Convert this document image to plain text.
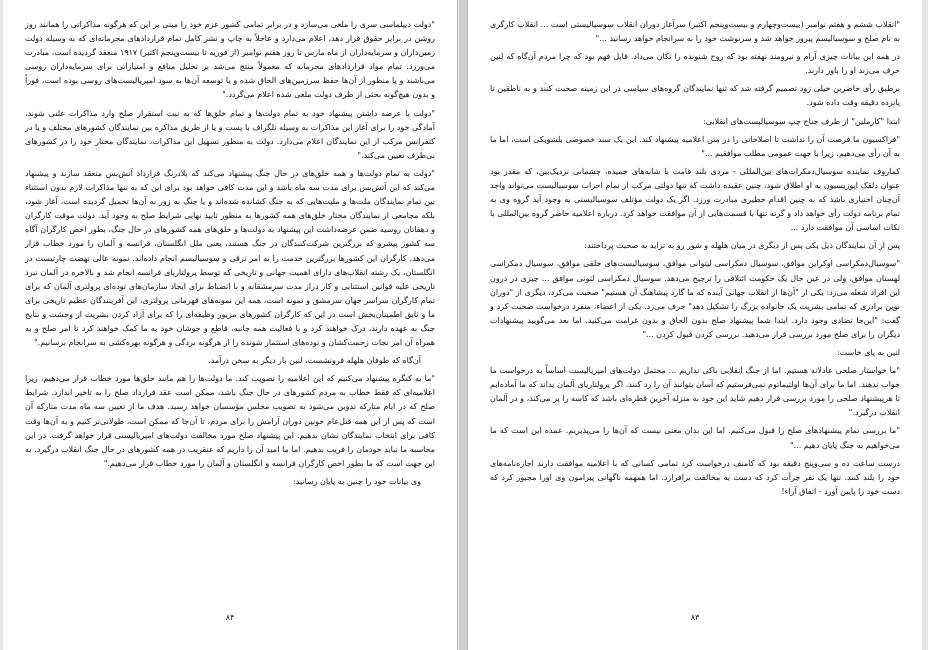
"دولت دیپلماسی سری را ملغی می‌سازد و در برابر تمامی کشور عزم خود را مبنی بر این که هرگونه مذاکراتی را همانند روز روشن در برابر حقوق قرار دهد، اعلام می‌دارد و عاجلاً به چاپ و نشر کامل تمام قراردادهای محرمانه‌ای که به وسیله دولت زمین‌داران و سرمایه‌داران از ماه مارس تا روز هفتم نوامبر (از فوریه تا بیست‌وپنجم اکتبر) ۱۹۱۷ منعقد گردیده است، مبادرت می‌ورزد. تمام مواد قراردادهای محرمانه که معمولاً منتج می‌شد بر تحلیل منافع و امتیازاتی برای سرمایه‌داران روسی می‌باشند و یا منظور از آن‌ها حفظ سرزمین‌های الحاق شده و یا توسعه آن‌ها به سود امپریالیست‌های روسی بوده است، فوراً و بدون هیچ‌گونه بحثی از طرف دولت ملغی شده اعلام می‌گردد."

"دولت با عرضه داشتن پیشنهاد خود به تمام دولت‌ها و تمام خلق‌ها که به نیت استقرار صلح وارد مذاکرات علنی شوند، آمادگی خود را برای آغاز این مذاکرات به وسیله تلگراف یا پست و یا از طریق مذاکره بین نمایندگان کشورهای مختلف و یا در کنفرانس مرکب از این نمایندگان اعلام می‌دارد. دولت به منظور تسهیل این مذاکرات، نمایندگان مختار خود را در کشورهای بی‌طرف تعیین می‌کند."

"دولت به تمام دولت‌ها و همه خلق‌های در حال جنگ پیشنهاد می‌کند که بلادرنگ قرارداد آتش‌بس منعقد سازند و پیشنهاد می‌کند که این آتش‌بس برای مدت سه ماه باشد و این مدت کافی خواهد بود برای این که به تنها مذاکرات لازم بدون استثناء بین تمام نمایندگان ملت‌ها و ملیت‌هایی که به جنگ کشانده شده‌اند و یا جنگ به زور به آن‌ها تحمیل گردیده است، آغاز شود، بلکه مجامعی از نمایندگان مختار خلق‌های همه کشورها به منظور تایید نهایی شرایط صلح به وجود آید. دولت موقت کارگران و دهقانان روسیه ضمن عرضه‌داشت این پیشنهاد به دولت‌ها و خلق‌های همه کشورهای در حال جنگ، بطور اخص کارگران آگاه سه کشور پیشرو که بزرگترین شرکت‌کنندگان در جنگ هستند، یعنی ملل انگلستان، فرانسه و آلمان را مورد خطاب قرار می‌دهد. کارگران این کشورها بزرگترین خدمت را به امر ترقی و سوسیالیسم انجام داده‌اند. نمونه عالی نهضت چارتیست در انگلستان، یک رشته انقلاب‌های دارای اهمیت جهانی و تاریخی که توسط پرولتاریای فرانسه انجام شد و بالاخره در آلمان نبرد تاریخی علیه قوانین استثنایی و کار دراز مدت سرمشقانه و با انضباط برای ایجاد سازمان‌های توده‌ای پرولتری آلمان که برای تمام کارگران سراسر جهان سرمشق و نمونه است، همه این نمونه‌های قهرمانی پرولتری، این آفرینندگان عظیم تاریخی برای ما و ثابق اطمینان‌بخش است در این که کارگران کشورهای مزبور وظیفه‌ای را که برای آزاد کردن بشریت از وحشت و نتایج جنگ به عهده دارند، درک خواهند کرد و با فعالیت همه جانبه، قاطع و جوشان خود به ما کمک خواهند کرد تا امر صلح و به همراه آن امر نجات زحمت‌کشان و توده‌های استثمار شونده را از هرگونه بردگی و هرگونه بهره‌کشی به سرانجام برسانیم."

آن‌گاه که طوفان هلهله فرونشست، لنین بار دیگر به سخن درآمد.

"ما به کنگره پیشنهاد می‌کنیم که این اعلامیه را تصویب کند. ما دولت‌ها را هم مانند خلق‌ها مورد خطاب قرار می‌دهیم، زیرا اعلامیه‌ای که فقط خطاب به مردم کشورهای در حال جنگ باشد، ممکن است عقد قرارداد صلح را به تاخیر اندازد. شرایط صلح که در ایام متارکه تدوین می‌شود به تصویب مجلس مؤسسان خواهد رسید. هدف ما از تعیین سه ماه مدت متارکه آن است که پس از این همه قتل‌عام خونین دوران آرامش را برای مردم، تا آن‌جا که ممکن است، طولانی‌تر کنیم و به آن‌ها وقت کافی برای انتخاب نمایندگان نشان بدهیم. این پیشنهاد صلح مورد مخالفت دولت‌های امپریالیستی قرار خواهد گرفت. در این محاسبه ما نباید خودمان را فریب بدهیم. اما ما امید آن را داریم که عنقریب در همه کشورهای در حال جنگ انقلاب درگیرد. به این جهت است که ما بطور اخص کارگران فرانسه و انگلستان و آلمان را مورد خطاب قرار می‌دهیم."

وی بیانات خود را چنین به پایان رسانید:

۸۴

"انقلاب ششم و هفتم نوامبر (بیست‌وچهارم و بیست‌وپنجم اکتبر) سرآغاز دوران انقلاب سوسیالیستی است ... انقلاب کارگری به نام صلح و سوسیالیسم پیروز خواهد شد و سرنوشت خود را به سرانجام خواهد رسانید ..."

در همه این بیانات چیزی آرام و نیرومند نهفته بود که روح شنونده را تکان می‌داد. قابل فهم بود که چرا مردم آن‌گاه که لنین حرف می‌زند او را باور دارند.

برطبق رأی حاضرین خیلی زود تصمیم گرفته شد که تنها نمایندگان گروه‌های سیاسی در این زمینه صحبت کنند و به ناطقین تا پانزده دقیقه وقت داده شود.

ابتدا "کارملین" از طرف جناح چپ سوسیالیست‌های انقلابی:

"فراکسیون ما فرصت آن را نداشت تا اصلاحاتی را در متن اعلامیه پیشنهاد کند. این یک سند خصوصی بلشویکی است، اما ما به آن رأی می‌دهیم، زیرا با جهت عمومی مطلب موافقیم ..."

کماروف نماینده سوسیال‌دمکرات‌های بین‌المللی - مردی بلند قامت با شانه‌های خمیده، چشمانی نزدیک‌بین، که مقدر بود عنوان دلقک اپوزیسیون به او اطلاق شود، چنین عقیده داشت که تنها دولتی مرکب از تمام احزاب سوسیالیست می‌تواند واجد آن‌چنان اختیاری باشد که به چنین اقدام خطیری مبادرت ورزد. اگر یک دولت مؤتلف سوسیالیستی به وجود آید گروه وی به تمام برنامه دولت رأی خواهد داد و گرنه تنها با قسمت‌هایی از آن موافقت خواهد کرد. درباره اعلامیه حاضر گروه بین‌المللی با نکات اساسی آن موافقت دارد ...

پس از آن نمایندگان ذیل یکی پس از دیگری در میان هلهله و شور رو به تزاید به صحبت پرداختند:

"سوسیال‌دمکراسی اوکراین موافق، سوسیال دمکراسی لیتوانی موافق، سوسیالیست‌های خلقی موافق، سوسیال دمکراسی لهستان موافق، ولی در عین حال یک حکومت ائتلافی را ترجیح می‌دهد. سوسیال دمکراسی لتونی موافق ... چیزی در درون این افراد شعله می‌زد: یکی از "آن‌ها از انقلاب جهانی آینده که ما گارد پیشاهنگ آن هستیم" صحبت می‌کرد، دیگری از "دوران نوین برادری که تمامی بشریت یک خانواده بزرگ را تشکیل دهد" حرف می‌زد. یکی از اعضاء، منفرد درخواست صحبت کرد و گفت: "این‌جا تضادی وجود دارد. ابتدا شما پیشنهاد صلح بدون الحاق و بدون غرامت می‌کنید. اما بعد می‌گویید پیشنهادات دیگران را برای صلح مورد بررسی قرار می‌دهید. بررسی کردن قبول کردن ..."

لنین به پای خاست:

"ما خواستار صلحی عادلانه هستیم. اما از جنگ انقلابی باکی نداریم ... محتمل دولت‌های امپریالیست اساساً به درخواست ما جواب ندهند. اما ما برای آن‌ها اولتیماتوم نمی‌فرستیم که آسان بتوانند آن را رد کنند. اگر پرولتاریای آلمان بداند که ما آماده‌ایم تا هرپیشنهاد صلحی را مورد بررسی قرار دهیم شاید این خود به منزله آخرین قطره‌ای باشد که کاسه را پر می‌کند، و در آلمان انقلاب درگیرد."

"ما بررسی تمام پیشنهادهای صلح را قبول می‌کنیم. اما این بدان معنی نیست که آن‌ها را می‌پذیریم. عمده این است که ما می‌خواهیم به جنگ پایان دهیم ..."

درست ساعت ده و سی‌وپنج دقیقه بود که کامنف درخواست کرد تمامی کسانی که با اعلامیه موافقت دارند اجازه‌نامه‌های خود را بلند کنند. تنها یک نفر جرأت کرد که دست به مخالفت برافرازد. اما همهمه ناگهانی پیرامون وی اورا مجبور کرد که دست خود را پایین آورد - اتفاق آراء!

۸۳
